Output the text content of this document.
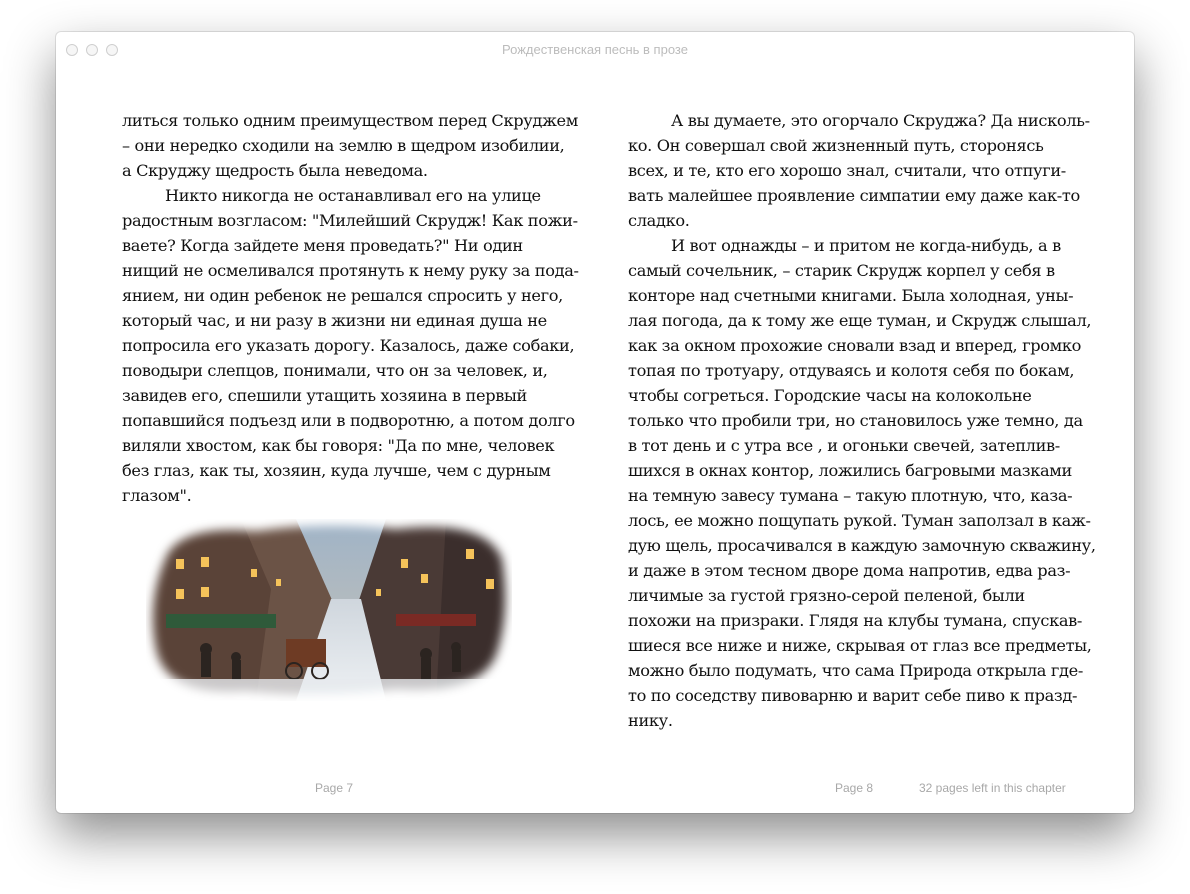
Рождественская песнь в прозе
литься только одним преимуществом перед Скруджем
– они нередко сходили на землю в щедром изобилии,
а Скруджу щедрость была неведома.
Никто никогда не останавливал его на улице
радостным возгласом: "Милейший Скрудж! Как пожи-
ваете? Когда зайдете меня проведать?" Ни один
нищий не осмеливался протянуть к нему руку за пода-
янием, ни один ребенок не решался спросить у него,
который час, и ни разу в жизни ни единая душа не
попросила его указать дорогу. Казалось, даже собаки,
поводыри слепцов, понимали, что он за человек, и,
завидев его, спешили утащить хозяина в первый
попавшийся подъезд или в подворотню, а потом долго
виляли хвостом, как бы говоря: "Да по мне, человек
без глаз, как ты, хозяин, куда лучше, чем с дурным
глазом".
А вы думаете, это огорчало Скруджа? Да нисколь-
ко. Он совершал свой жизненный путь, сторонясь
всех, и те, кто его хорошо знал, считали, что отпуги-
вать малейшее проявление симпатии ему даже как-то
сладко.
И вот однажды – и притом не когда-нибудь, а в
самый сочельник, – старик Скрудж корпел у себя в
конторе над счетными книгами. Была холодная, уны-
лая погода, да к тому же еще туман, и Скрудж слышал,
как за окном прохожие сновали взад и вперед, громко
топая по тротуару, отдуваясь и колотя себя по бокам,
чтобы согреться. Городские часы на колокольне
только что пробили три, но становилось уже темно, да
в тот день и с утра все , и огоньки свечей, затеплив-
шихся в окнах контор, ложились багровыми мазками
на темную завесу тумана – такую плотную, что, каза-
лось, ее можно пощупать рукой. Туман заползал в каж-
дую щель, просачивался в каждую замочную скважину,
и даже в этом тесном дворе дома напротив, едва раз-
личимые за густой грязно-серой пеленой, были
похожи на призраки. Глядя на клубы тумана, спускав-
шиеся все ниже и ниже, скрывая от глаз все предметы,
можно было подумать, что сама Природа открыла где-
то по соседству пивоварню и варит себе пиво к празд-
нику.
Page 7	Page 8	32 pages left in this chapter
